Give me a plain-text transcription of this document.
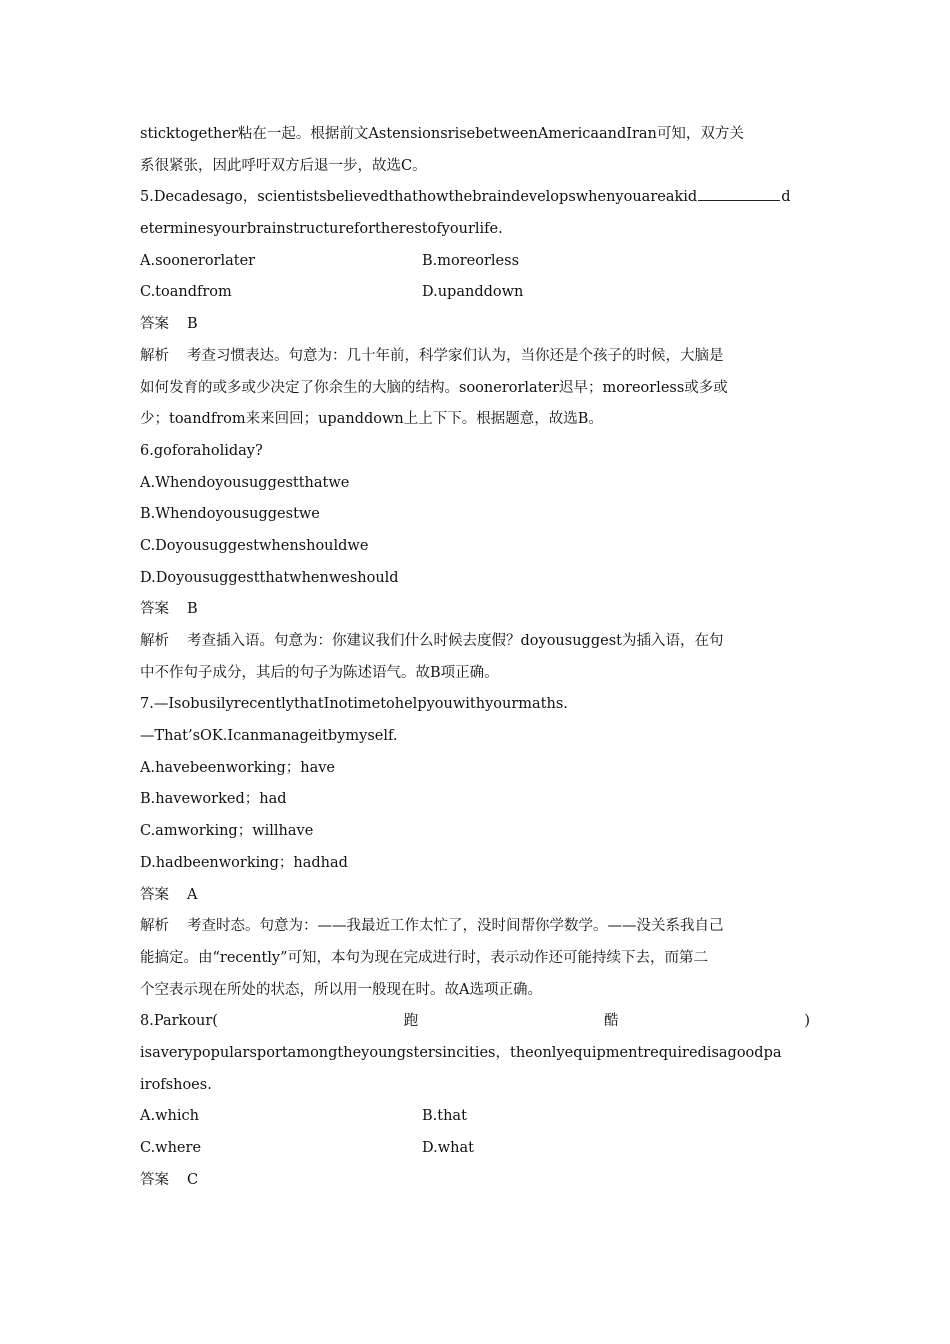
sticktogether粘在一起。根据前文AstensionsrisebetweenAmericaandIran可知，双方关
系很紧张，因此呼吁双方后退一步，故选C。
5.Decadesago，scientistsbelievedthathowthebraindevelopswhenyouareakid	d
eterminesyourbrainstructurefortherestofyourlife.
A.soonerorlater	B.moreorless
C.toandfrom	D.upanddown
答案 B
解析 考查习惯表达。句意为：几十年前，科学家们认为，当你还是个孩子的时候，大脑是
如何发育的或多或少决定了你余生的大脑的结构。soonerorlater迟早；moreorless或多或
少；toandfrom来来回回；upanddown上上下下。根据题意，故选B。
6.goforaholiday?
A.Whendoyousuggestthatwe
B.Whendoyousuggestwe
C.Doyousuggestwhenshouldwe
D.Doyousuggestthatwhenweshould
答案 B
解析 考查插入语。句意为：你建议我们什么时候去度假？doyousuggest为插入语，在句
中不作句子成分，其后的句子为陈述语气。故B项正确。
7.—IsobusilyrecentlythatInotimetohelpyouwithyourmaths.
—That’sOK.Icanmanageitbymyself.
A.havebeenworking；have
B.haveworked；had
C.amworking；willhave
D.hadbeenworking；hadhad
答案 A
解析 考查时态。句意为：——我最近工作太忙了，没时间帮你学数学。——没关系我自己
能搞定。由“recently”可知，本句为现在完成进行时，表示动作还可能持续下去，而第二
个空表示现在所处的状态，所以用一般现在时。故A选项正确。
8.Parkour(	跑	酷	)
isaverypopularsportamongtheyoungstersincities，theonlyequipmentrequiredisagoodpa
irofshoes.
A.which	B.that
C.where	D.what
答案 C
